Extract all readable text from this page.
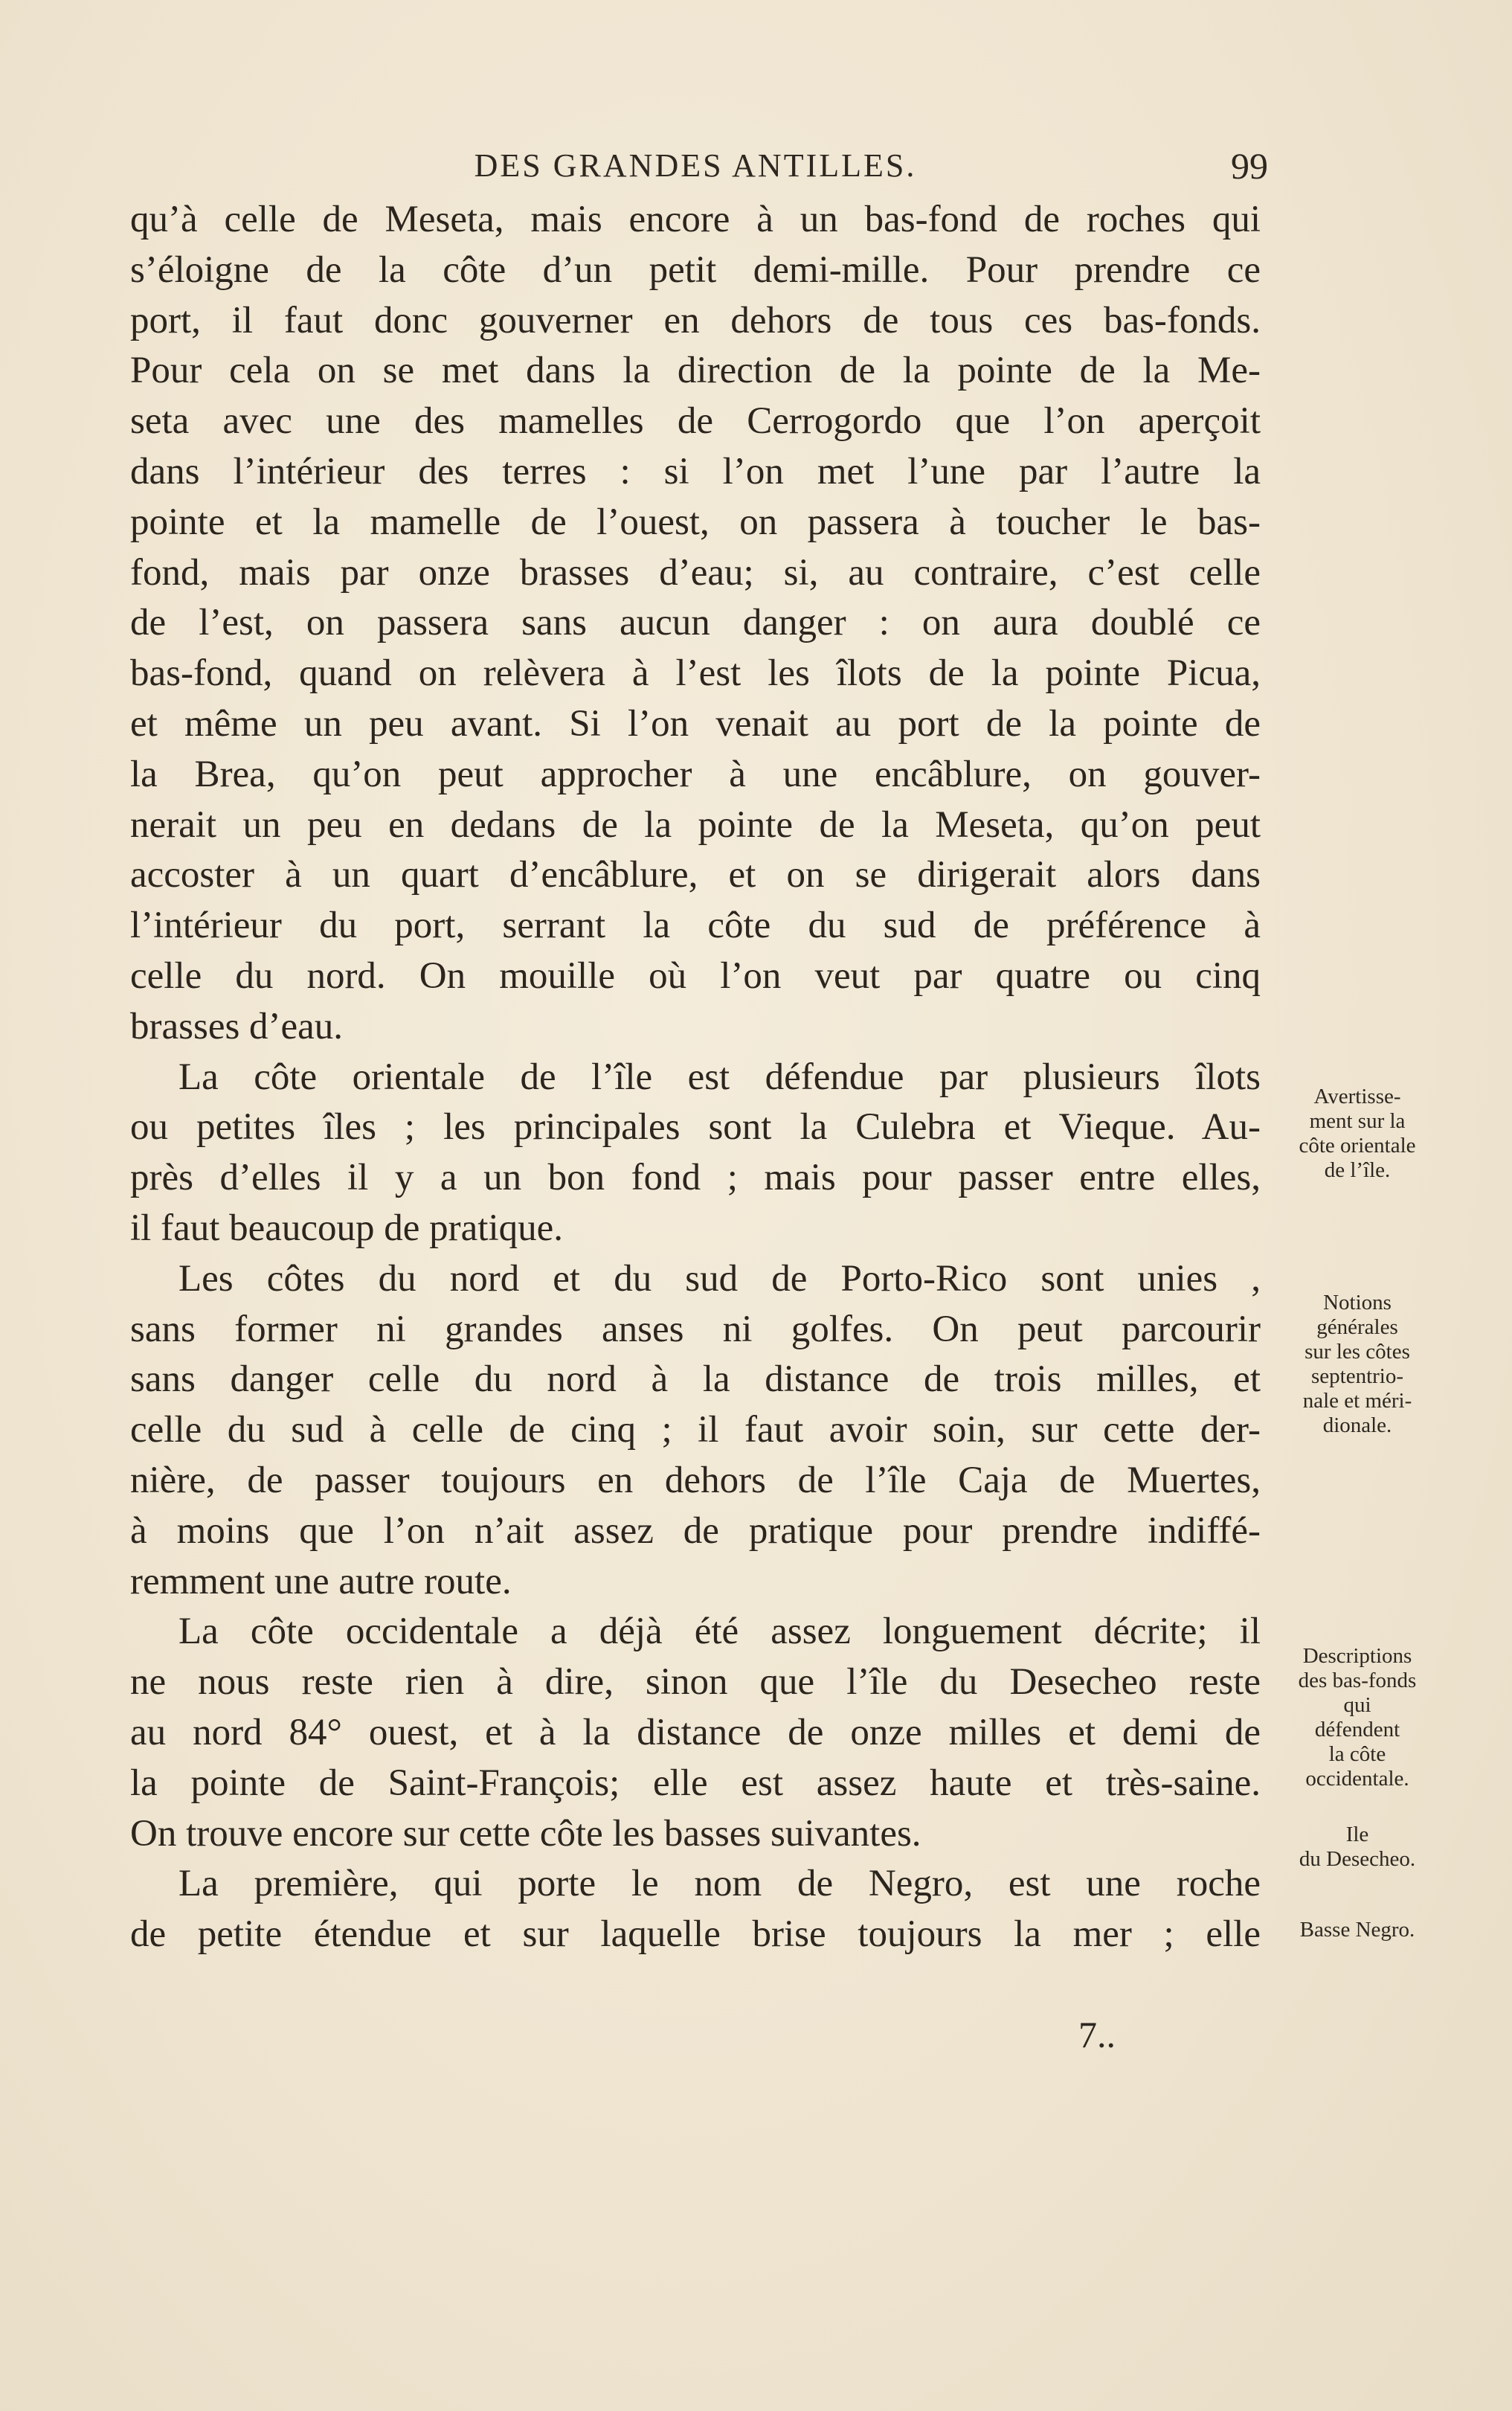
DES GRANDES ANTILLES.	99
qu’à celle de Meseta, mais encore à un bas-fond de roches qui
s’éloigne de la côte d’un petit demi-mille. Pour prendre ce
port, il faut donc gouverner en dehors de tous ces bas-fonds.
Pour cela on se met dans la direction de la pointe de la Me-
seta avec une des mamelles de Cerrogordo que l’on aperçoit
dans l’intérieur des terres : si l’on met l’une par l’autre la
pointe et la mamelle de l’ouest, on passera à toucher le bas-
fond, mais par onze brasses d’eau; si, au contraire, c’est celle
de l’est, on passera sans aucun danger : on aura doublé ce
bas-fond, quand on relèvera à l’est les îlots de la pointe Picua,
et même un peu avant. Si l’on venait au port de la pointe de
la Brea, qu’on peut approcher à une encâblure, on gouver-
nerait un peu en dedans de la pointe de la Meseta, qu’on peut
accoster à un quart d’encâblure, et on se dirigerait alors dans
l’intérieur du port, serrant la côte du sud de préférence à
celle du nord. On mouille où l’on veut par quatre ou cinq
brasses d’eau.
La côte orientale de l’île est défendue par plusieurs îlots
ou petites îles ; les principales sont la Culebra et Vieque. Au-
près d’elles il y a un bon fond ; mais pour passer entre elles,
il faut beaucoup de pratique.
Les côtes du nord et du sud de Porto-Rico sont unies ,
sans former ni grandes anses ni golfes. On peut parcourir
sans danger celle du nord à la distance de trois milles, et
celle du sud à celle de cinq ; il faut avoir soin, sur cette der-
nière, de passer toujours en dehors de l’île Caja de Muertes,
à moins que l’on n’ait assez de pratique pour prendre indiffé-
remment une autre route.
La côte occidentale a déjà été assez longuement décrite; il
ne nous reste rien à dire, sinon que l’île du Desecheo reste
au nord 84° ouest, et à la distance de onze milles et demi de
la pointe de Saint-François; elle est assez haute et très-saine.
On trouve encore sur cette côte les basses suivantes.
La première, qui porte le nom de Negro, est une roche
de petite étendue et sur laquelle brise toujours la mer ; elle
Avertisse-
ment sur la
côte orientale
de l’île.
Notions
générales
sur les côtes
septentrio-
nale et méri-
dionale.
Descriptions
des bas-fonds
qui
défendent
la côte
occidentale.
Ile
du Desecheo.
Basse Negro.
7..
